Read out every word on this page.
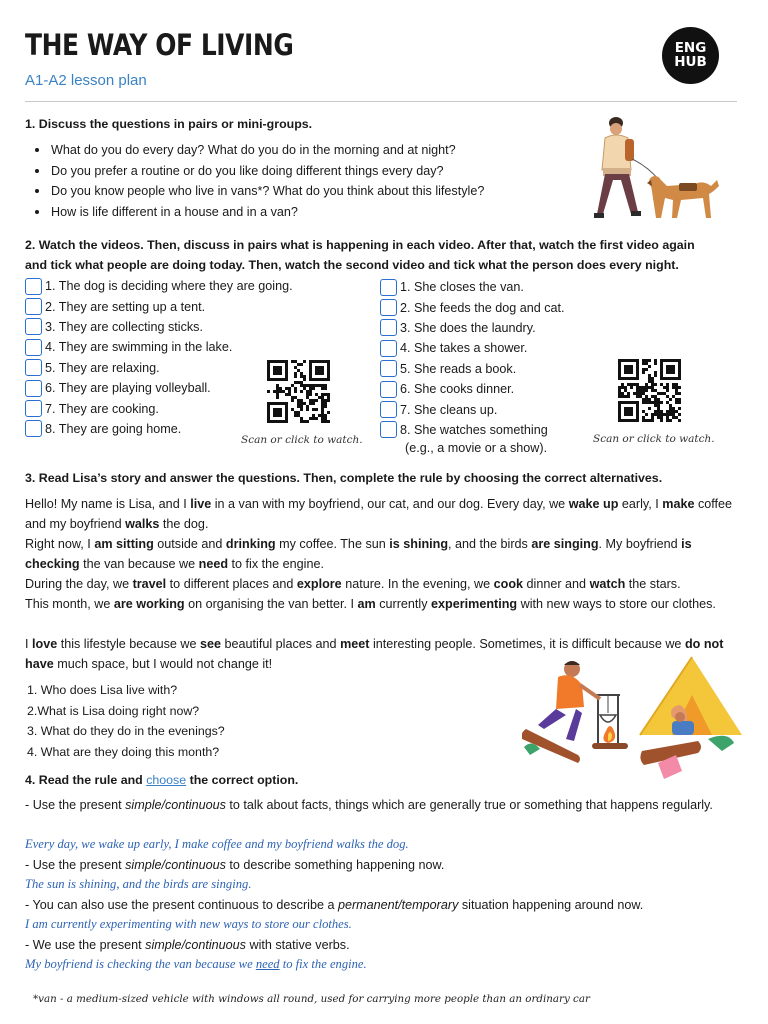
THE WAY OF LIVING
A1-A2 lesson plan
ENG
HUB
1. Discuss the questions in pairs or mini-groups.
What do you do every day? What do you do in the morning and at night?
Do you prefer a routine or do you like doing different things every day?
Do you know people who live in vans*? What do you think about this lifestyle?
How is life different in a house and in a van?
2. Watch the videos. Then, discuss in pairs what is happening in each video. After that, watch the first video again
and tick what people are doing today. Then, watch the second video and tick what the person does every night.
1. The dog is deciding where they are going.
2. They are setting up a tent.
3. They are collecting sticks.
4. They are swimming in the lake.
5. They are relaxing.
6. They are playing volleyball.
7. They are cooking.
8. They are going home.
Scan or click to watch.
1. She closes the van.
2. She feeds the dog and cat.
3. She does the laundry.
4. She takes a shower.
5. She reads a book.
6. She cooks dinner.
7. She cleans up.
8. She watches something
(e.g., a movie or a show).
Scan or click to watch.
3. Read Lisa’s story and answer the questions. Then, complete the rule by choosing the correct alternatives.
Hello! My name is Lisa, and I live in a van with my boyfriend, our cat, and our dog. Every day, we wake up early, I make coffee and my boyfriend walks the dog.
Right now, I am sitting outside and drinking my coffee. The sun is shining, and the birds are singing. My boyfriend is checking the van because we need to fix the engine.
During the day, we travel to different places and explore nature. In the evening, we cook dinner and watch the stars.
This month, we are working on organising the van better. I am currently experimenting with new ways to store our clothes.
I love this lifestyle because we see beautiful places and meet interesting people. Sometimes, it is difficult because we do not have much space, but I would not change it!
1. Who does Lisa live with?
2.What is Lisa doing right now?
3. What do they do in the evenings?
4. What are they doing this month?
4. Read the rule and choose the correct option.
- Use the present simple/continuous to talk about facts, things which are generally true or something that happens regularly.
Every day, we wake up early, I make coffee and my boyfriend walks the dog.
- Use the present simple/continuous to describe something happening now.
The sun is shining, and the birds are singing.
- You can also use the present continuous to describe a permanent/temporary situation happening around now.
I am currently experimenting with new ways to store our clothes.
- We use the present simple/continuous with stative verbs.
My boyfriend is checking the van because we need to fix the engine.
*van - a medium-sized vehicle with windows all round, used for carrying more people than an ordinary car
